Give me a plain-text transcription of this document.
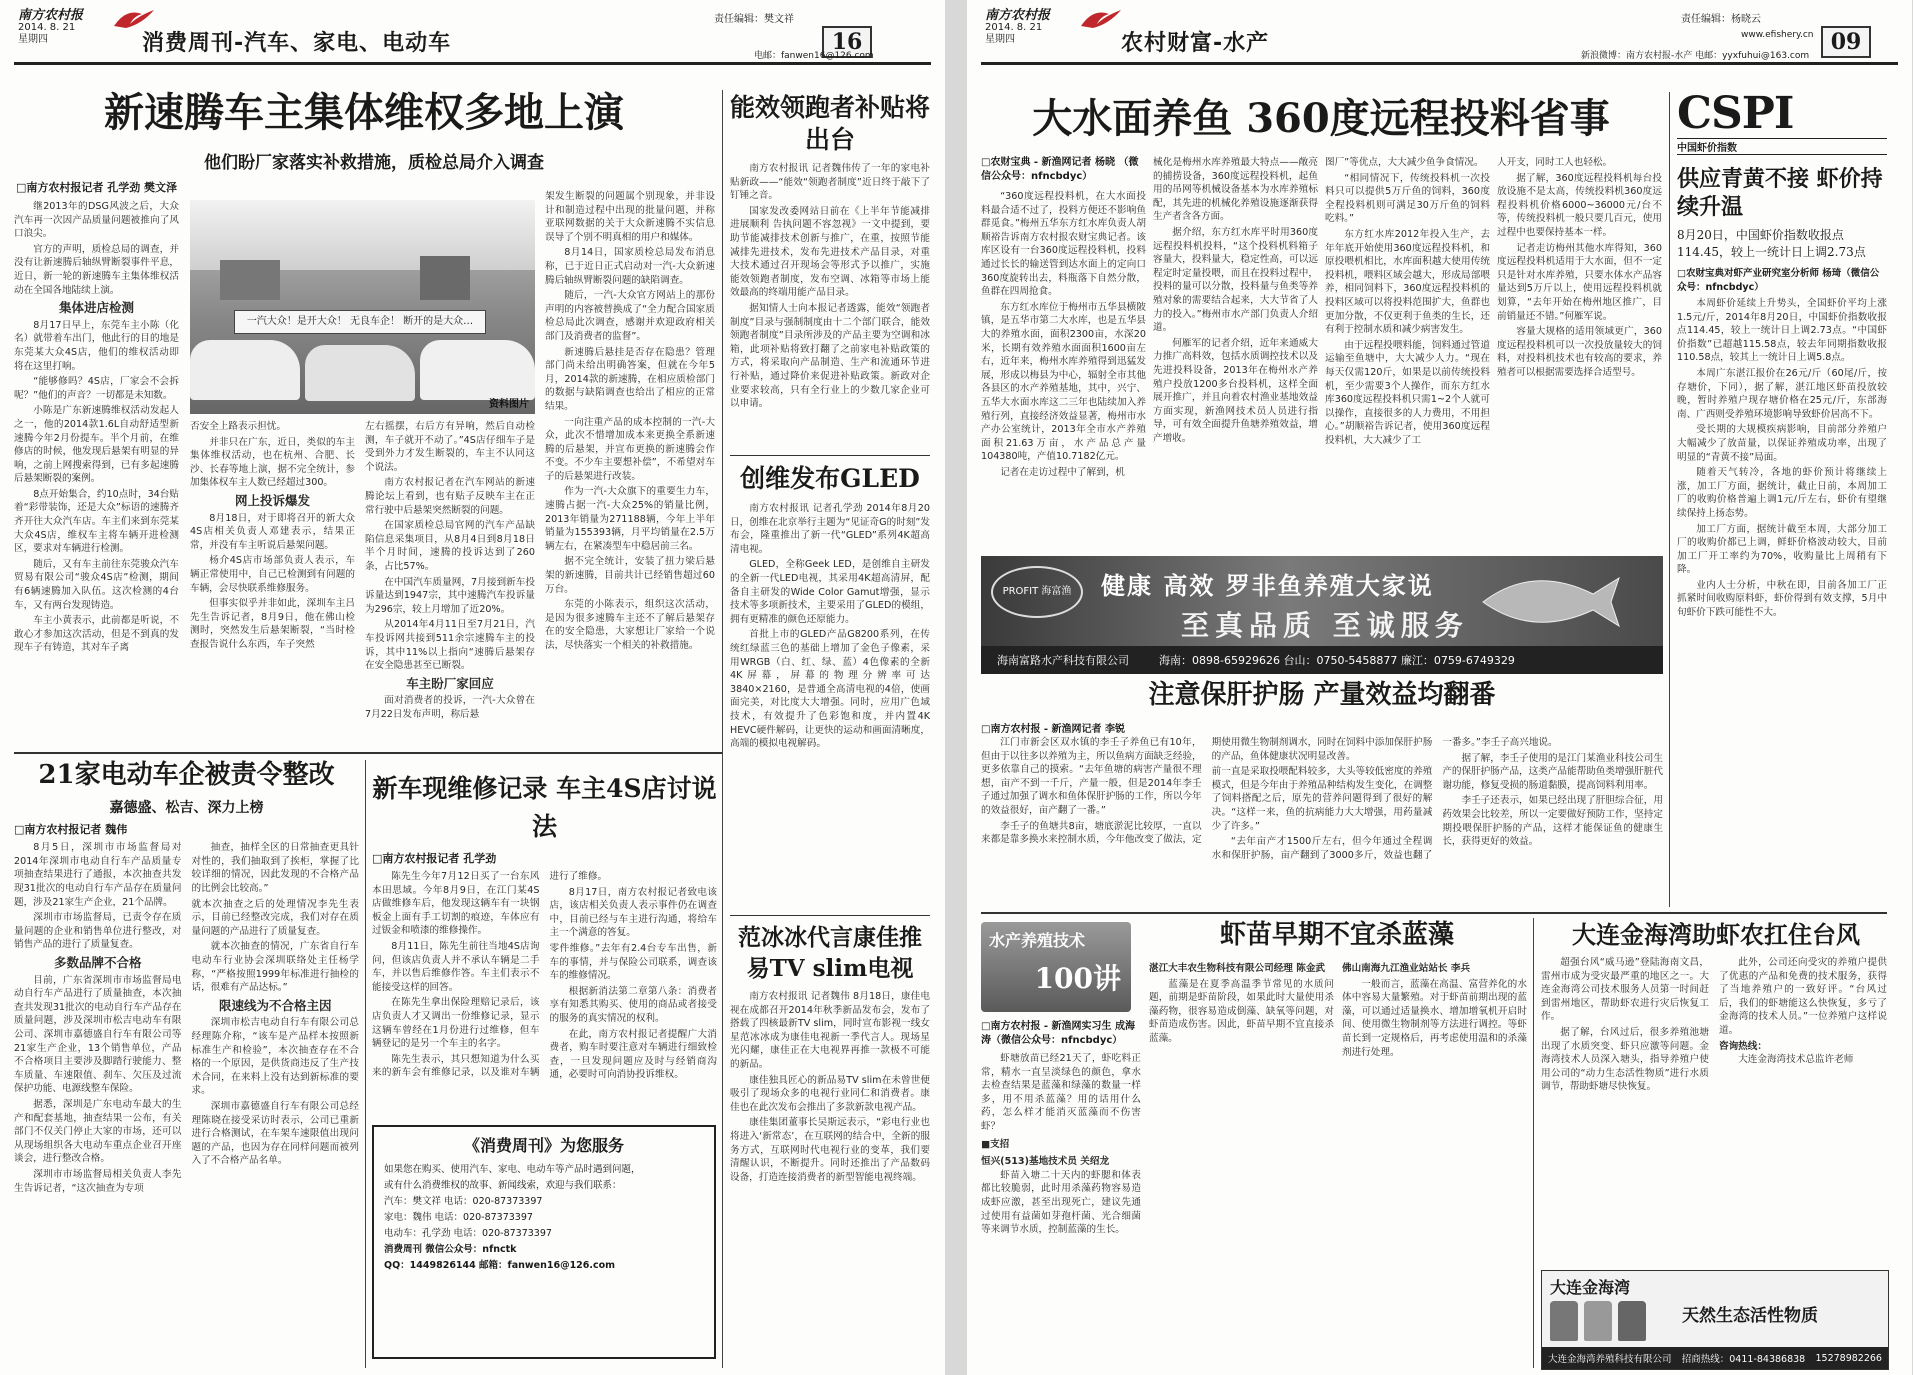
南方农村报
2014. 8. 21
星期四	消费周刊-汽车、家电、电动车
责任编辑：樊文祥
16
电邮：fanwen16@126.com
新速腾车主集体维权多地上演
他们盼厂家落实补救措施，质检总局介入调查
□南方农村报记者 孔学劲 樊文泽

继2013年的DSG风波之后，大众汽车再一次因产品质量问题被推向了风口浪尖。

官方的声明，质检总局的调查，并没有让新速腾后轴纵臂断裂事件平息，近日，新一轮的新速腾车主集体维权活动在全国各地陆续上演。

集体进店检测

8月17日早上，东莞车主小陈（化名）就带着车出门，他此行的目的地是东莞某大众4S店，他们的维权活动即将在这里打响。

“能够修吗？4S店，厂家会不会拆呢？”他们的声音？一切都是未知数。

小陈是广东新速腾维权活动发起人之一，他的2014款1.6L自动舒适型新速腾今年2月份提车。半个月前，在维修店的时候，他发现后悬架有明显的异响，之前上网搜索得到，已有多起速腾后悬架断裂的案例。

8点开始集合，约10点时，34台贴着“彩带装饰，还是大众”标语的速腾齐齐开往大众汽车店。车主们来到东莞某大众4S店，维权车主将车辆开进检测区，要求对车辆进行检测。

随后，又有车主前往东莞骏众汽车贸易有限公司“骏众4S店”检测，期间有6辆速腾加入队伍。这次检测的4台车，又有两台发现铸造。

车主小黄表示，此前都是听说，不敢心才参加这次活动，但是不到真的发现车子有铸造，其对车子离

一汽大众！是开大众！ 无良车企！ 断开的是大众…
资料图片

否安全上路表示担忧。

并非只在广东，近日，类似的车主集体维权活动，也在杭州、合肥、长沙、长春等地上演，据不完全统计，参加集体权车主人数已经超过300。

网上投诉爆发

8月18日，对于即将召开的新大众4S店相关负责人邓建表示，结果正常，并没有车主听说后悬架问题。

杨介4S店市场部负责人表示，车辆正常使用中，自己已检测到有问题的车辆，会尽快联系维修服务。

但事实似乎并非如此，深圳车主吕先生告诉记者，8月9日，他在佛山检测时，突然发生后悬架断裂，“当时检查报告说什么东西，车子突然

左右摇摆，右后方有异响，然后自动检测，车子就开不动了。”4S店仔细车子是受到外力才发生断裂的，车主不认同这个说法。

南方农村报记者在汽车网站的新速腾论坛上看到，也有贴子反映车主在正常行驶中后悬架突然断裂的问题。

在国家质检总局官网的汽车产品缺陷信息采集项目，从8月4日到8月18日半个月时间，速腾的投诉达到了260条，占比57%。

在中国汽车质量网，7月接到新车投诉量达到1947宗，其中速腾汽车投诉量为296宗，较上月增加了近20%。

从2014年4月11日至7月21日，汽车投诉网共接到511余宗速腾车主的投诉，其中11%以上指向“速腾后悬架存在安全隐患甚至已断裂。

车主盼厂家回应

面对消费者的投诉，一汽-大众曾在7月22日发布声明，称后悬

架发生断裂的问题属个别现象，并非设计和制造过程中出现的批量问题，并称亚联网数据的关于大众新速腾不实信息误导了个别不明真相的用户和媒体。

8月14日，国家质检总局发布消息称，已于近日正式启动对一汽-大众新速腾后轴纵臂断裂问题的缺陷调查。

随后，一汽-大众官方网站上的那份声明的内容被替换成了“全力配合国家质检总局此次调查，感谢并欢迎政府相关部门及消费者的监督”。

新速腾后悬挂是否存在隐患？管理部门尚未给出明确答案，但就在今年5月，2014款的新速腾，在相应质检部门的数据与缺陷调查也给出了相应的正常结果。

一向注重产品的成本控制的一汽-大众，此次不惜增加成本来更换全系新速腾的后悬架，并宣布更换的新速腾会作不变。不少车主要想补偿”，不希望对车子的后悬架进行改装。

作为一汽-大众旗下的重要生力车，速腾占据一汽-大众25%的销量比例，2013年销量为271188辆，今年上半年销量为155393辆，月平均销量在2.5万辆左右，在紧凑型车中稳居前三名。

据不完全统计，安装了扭力梁后悬架的新速腾，目前共计已经销售超过60万台。

东莞的小陈表示，组织这次活动，是因为很多速腾车主还不了解后悬架存在的安全隐患，大家想让厂家给一个说法，尽快落实一个相关的补救措施。

能效领跑者补贴将出台

南方农村报讯 记者魏伟传了一年的家电补贴新政——“能效“领跑者制度”近日终于敲下了钉锤之音。

国家发改委网站日前在《上半年节能减排进展顺利 告执问题不容忽视》一文中提到，要助节能减排技术创新与推广，在重，按照节能减排先进技术，发布先进技术产品目录，对重大技术通过召开现场会等形式予以推广，实施能效领跑者制度，发布空调、冰箱等市场上能效最高的终端用能产品目录。

据知情人士向本报记者透露，能效“领跑者制度”目录与强制制度由十二个部门联合，能效领跑者制度”目录所涉及的产品主要为空调和冰箱，此项补贴将致打翻了之前家电补贴政策的方式，将采取向产品制造、生产和流通环节进行补贴，通过降价来促进补贴政策。新政对企业要求较高，只有全行业上的少数几家企业可以申请。

创维发布GLED

南方农村报讯 记者孔学劲 2014年8月20日，创维在北京举行主题为“见证奇G的时刻”发布会，隆重推出了新一代“GLED”系列4K超高清电视。

GLED，全称Geek LED，是创维自主研发的全新一代LED电视，其采用4K超高清屏，配备自主研发的Wide Color Gamut增强，显示技术等多项新技术，主要采用了GLED的模组，拥有更精准的颜色还原能力。

首批上市的GLED产品G8200系列，在传统红绿蓝三色的基础上增加了金色子像素，采用WRGB（白、红、绿、蓝）4色像素的全新4K屏幕，屏幕的物理分辨率可达3840×2160，是普通全高清电视的4倍，使画面完美，对比度大大增强。同时，应用广色域技术，有效提升了色彩饱和度，并内置4K HEVC硬件解码，让更快的运动和画面清晰度，高端的模拟电视解码。

范冰冰代言康佳推易TV slim电视

南方农村报讯 记者魏伟 8月18日，康佳电视在成都召开2014年秋季新品发布会，发布了搭载了四核最新TV slim，同时宣布影视一线女星范冰冰成为康佳电视新一季代言人。现场星光闪耀，康佳正在大电视界再推一款极不可能的新品。

康佳独具匠心的新品易TV slim在未曾世便吸引了现场众多的电视行业同仁和消费者。康佳也在此次发布会推出了多款新款电视产品。

康佳集团董事长吴斯远表示，“彩电行业也将进入‘新常态’，在互联网的结合中，全新的服务方式，互联网时代电视行业的变革，我们要清醒认识，不断提升。同时还推出了产品数码设备，打造连接消费者的新型智能电视终端。

21家电动车企被责令整改
嘉德盛、松吉、深力上榜
□南方农村报记者 魏伟

8月5日，深圳市市场监督局对2014年深圳市电动自行车产品质量专项抽查结果进行了通报，本次抽查共发现31批次的电动自行车产品存在质量问题，涉及21家生产企业，21个品牌。

深圳市市场监督局，已责令存在质量问题的企业和销售单位进行整改，对销售产品的进行了质量复查。

多数品牌不合格

目前，广东省深圳市市场监督局电动自行车产品进行了质量抽查，本次抽查共发现31批次的电动自行车产品存在质量问题，涉及深圳市松吉电动车有限公司、深圳市嘉德盛自行车有限公司等21家生产企业，13个销售单位，产品不合格项目主要涉及脚踏行驶能力、整车质量、车速限值、刹车、欠压及过流保护功能、电源线整车保险。

据悉，深圳是广东电动车最大的生产和配套基地，抽查结果一公布，有关部门不仅关门停止大家的市场，还可以从现场组织各大电动车重点企业召开座谈会，进行整改合格。

深圳市市场监督局相关负责人李先生告诉记者，“这次抽查为专项

抽查，抽样全区的日常抽查更具针对性的，我们抽取到了挨柜，掌握了比较详细的情况，因此发现的不合格产品的比例会比较高。”

就本次抽查之后的处理情况李先生表示，目前已经整改完成，我们对存在质量问题的产品进行了质量复查。

就本次抽查的情况，广东省自行车电动车行业协会深圳联络处主任杨学称，“严格按照1999年标准进行抽检的话，很难有产品达标。”

限速线为不合格主因

深圳市松吉电动自行车有限公司总经理陈介称，“该车是产品样本按照新标准生产和检验”，本次抽查存在不合格的一个原因，是供货商违反了生产技术合同，在来料上没有达到新标准的要求。

深圳市嘉德盛自行车有限公司总经理陈晓在接受采访时表示，公司已重新进行合格测试，在车架车速限值出现问题的产品，也因为存在同样问题而被列入了不合格产品名单。

新车现维修记录 车主4S店讨说法
□南方农村报记者 孔学劲

陈先生今年7月12日买了一台东风本田思域。今年8月9日，在江门某4S店做维修车后，他发现这辆车有一块钢板金上面有手工切割的痕迹，车体应有过钣金和喷漆的维修操作。

8月11日，陈先生前往当地4S店询问，但该店负责人并不承认车辆是二手车，并以售后维修作答。车主们表示不能接受这样的回答。

在陈先生拿出保险理赔记录后，该店负责人才又调出一份维修记录，显示这辆车曾经在1月份进行过维修，但车辆登记的是另一个车主的名字。

陈先生表示，其只想知道为什么买来的新车会有维修记录，以及谁对车辆进行了维修。

8月17日，南方农村报记者致电该店，该店相关负责人表示事件仍在调查中，目前已经与车主进行沟通，将给车主一个满意的答复。

零件维修。”去年有2.4台专车出售，新车的事情，并与保险公司联系，调查该车的维修情况。

根据新消法第二章第八条：消费者享有知悉其购买、使用的商品或者接受的服务的真实情况的权利。

在此，南方农村报记者提醒广大消费者，购车时要注意对车辆进行细致检查，一旦发现问题应及时与经销商沟通，必要时可向消协投诉维权。

《消费周刊》为您服务
如果您在购买、使用汽车、家电、电动车等产品时遇到问题，
或有什么消费维权的故事、新闻线索，欢迎与我们联系：
汽车：樊文祥 电话：020-87373397
家电：魏伟 电话：020-87373397
电动车：孔学劲 电话：020-87373397
消费周刊 微信公众号：nfnctk
QQ：1449826144 邮箱：fanwen16@126.com
南方农村报
2014. 8. 21
星期四	农村财富-水产
责任编辑：杨晓云
09
www.efishery.cn
新浪微博：南方农村报-水产 电邮：yyxfuhui@163.com
大水面养鱼 360度远程投料省事
□农财宝典 - 新渔网记者 杨晓 （微信公众号：nfncbdyc）

“360度远程投料机，在大水面投料最合适不过了，投料方便还不影响鱼群觅食。”梅州五华东方红水库负责人胡顺裕告诉南方农村报农财宝典记者。该库区设有一台360度远程投料机，投料通过长长的输送管到达水面上的定向口360度旋转出去，料瓶落下自然分散，鱼群在四周抢食。

东方红水库位于梅州市五华县横陂镇，是五华市第二大水库，也是五华县大的养殖水面，面积2300亩，水深20米，长期有效养殖水面面积1600亩左右，近年来，梅州水库养殖得到迅猛发展，形成以梅县为中心，辐射全市其他各县区的水产养殖基地，其中，兴宁、五华大水面水库这二三年也陆续加入养殖行列，直接经济效益显著，梅州市水产办公室统计，2013年全市水产养殖面积21.63万亩，水产品总产量104380吨，产值10.7182亿元。

记者在走访过程中了解到，机

械化是梅州水库养殖最大特点——敞亮的捕捞设备，360度远程投料机，起鱼用的吊网等机械设备基本为水库养殖标配，其先进的机械化养殖设施逐渐获得生产者含各方面。

据介绍，东方红水库平时用360度远程投料机投料，“这个投料机料箱子容量大，投料量大，稳定性高，可以远程定时定量投喂，而且在投料过程中，投料的量可以分散，投料量与鱼类等养殖对象的需要结合起来，大大节省了人力的投入。”梅州市水产部门负责人介绍道。

何雁军的记者介绍，近年来通威大力推广高料效，包括水质调控技术以及先进投料设备，2013年在梅州水产养殖户投放1200多台投料机，这样全面展开推广，并且向着农村渔业基地效益方面实现，新渔网技术员人员进行指导，可有效全面提升鱼塘养殖效益，增产增收。

图厂”等优点，大大减少鱼争食情况。

“相同情况下，传统投料机一次投料只可以提供5万斤鱼的饲料，360度全程投料机则可满足30万斤鱼的饲料吃料。”

东方红水库2012年投入生产，去年年底开始使用360度远程投料机，和原投喂机相比，水库面积越大使用传统投料机，喂料区域会越大，形成局部喂养，相同饲料下，360度远程投料机的投料区域可以将投料范围扩大，鱼群也更加分散，不仅更利于鱼类的生长，还有利于控制水质和减少病害发生。

由于远程投喂料能，饲料通过管道运输至鱼塘中，大大减少人力。“现在每天仅需120斤，如果是以前传统投料机，至少需要3个人操作，而东方红水库360度远程投料机只需1~2个人就可以操作，直接很多的人力费用，不用担心。”胡顺裕告诉记者，使用360度远程投料机，大大减少了工

人开支，同时工人也轻松。

据了解，360度远程投料机每台投放设施不是太高，传统投料机360度远程投料机价格6000~36000元/台不等，传统投料机一般只要几百元，使用过程中也要保持基本一样。

记者走访梅州其他水库得知，360度远程投料机适用于大水面，但不一定只是针对水库养殖，只要水体水产品容量达到5万斤以上，使用远程投料机就划算，“去年开始在梅州地区推广，目前销量还不错。”何雁军说。

容量大规格的适用领域更广，360度远程投料机可以一次投放量较大的饲料，对投料机技术也有较高的要求，养殖者可以根据需要选择合适型号。

CSPI
中国虾价指数
供应青黄不接 虾价持续升温
8月20日，中国虾价指数收报点114.45，较上一统计日上调2.73点
□农财宝典对虾产业研究室分析师 杨琦（微信公众号：nfncbdyc）

本周虾价延续上升势头，全国虾价平均上涨1.5元/斤，2014年8月20日，中国虾价指数收报点114.45，较上一统计日上调2.73点。“中国虾价指数”已超越115.58点，较去年同期指数收报110.58点，较其上一统计日上调5.8点。

本周广东湛江报价在26元/斤（60尾/斤，按存塘价，下同），据了解，湛江地区虾苗投放较晚，暂时养殖户现存塘价格在25元/斤，东部海南、广西则受养殖环境影响导致虾价居高不下。

受长期的大规模疾病影响，目前部分养殖户大幅减少了放苗量，以保证养殖成功率，出现了明显的“青黄不接”局面。

随着天气转冷，各地的虾价预计将继续上涨，加工厂方面，据统计，截止日前，本周加工厂的收购价格普遍上调1元/斤左右，虾价有望继续保持上扬态势。

加工厂方面，据统计截至本周，大部分加工厂的收购价都已上调，鲜虾价格波动较大，目前加工厂开工率约为70%，收购量比上周稍有下降。

业内人士分析，中秋在即，目前各加工厂正抓紧时间收购原料虾，虾价得到有效支撑，5月中旬虾价下跌可能性不大。

PROFIT 海富渔	健康 高效 罗非鱼养殖大家说
至真品质 至诚服务
海南富路水产科技有限公司	海南：0898-65929626 台山：0750-5458877 廉江：0759-6749329
注意保肝护肠 产量效益均翻番
□南方农村报 - 新渔网记者 李锐

江门市新会区双水镇的李壬子养鱼已有10年，但由于以往多以养殖为主，所以鱼病方面缺乏经验，更多依靠自己的摸索。“去年鱼塘的病害产量很不理想，亩产不到一千斤，产量一般，但是2014年李壬子通过加强了调水和鱼体保肝护肠的工作，所以今年的效益很好，亩产翻了一番。”

李壬子的鱼塘共8亩，塘底淤泥比较厚，一直以来都是靠多换水来控制水质，今年他改变了做法，定期使用微生物制剂调水，同时在饲料中添加保肝护肠的产品，鱼体健康状况明显改善。

前一直是采取投喂配料较多，大头等较低密度的养殖模式，但是今年由于养殖品种结构发生变化，在调整了饲料搭配之后，原先的营养问题得到了很好的解决。“这样一来，鱼的抗病能力大大增强，用药量减少了许多。”

“去年亩产才1500斤左右，但今年通过全程调水和保肝护肠，亩产翻到了3000多斤，效益也翻了一番多。”李壬子高兴地说。

据了解，李壬子使用的是江门某渔业科技公司生产的保肝护肠产品，这类产品能帮助鱼类增强肝脏代谢功能，修复受损的肠道黏膜，提高饲料利用率。

李壬子还表示，如果已经出现了肝胆综合征，用药效果会比较差，所以一定要做好预防工作，坚持定期投喂保肝护肠的产品，这样才能保证鱼的健康生长，获得更好的效益。

水产养殖技术
100讲
虾苗早期不宜杀蓝藻
□南方农村报 - 新渔网实习生 成海涛（微信公众号：nfncbdyc）

虾塘放苗已经21天了，虾吃料正常，精水一直呈淡绿色的颜色，拿水去检查结果是蓝藻和绿藻的数量一样多，用不用杀蓝藻？用的话用什么药，怎么样才能消灭蓝藻而不伤害虾？

■支招

恒兴(513)基地技术员 关绍龙

虾苗入塘二十天内的虾腮和体表都比较脆弱，此时用杀藻药物容易造成虾应激，甚至出现死亡，建议先通过使用有益菌如芽孢杆菌、光合细菌等来调节水质，控制蓝藻的生长。

湛江大丰农生物科技有限公司经理 陈金武

蓝藻是在夏季高温季节常见的水质问题，前期是虾苗阶段，如果此时大量使用杀藻药物，很容易造成倒藻、缺氧等问题，对虾苗造成伤害。因此，虾苗早期不宜直接杀蓝藻。

佛山南海九江渔业站站长 李兵

一般而言，蓝藻在高温、富营养化的水体中容易大量繁殖。对于虾苗前期出现的蓝藻，可以通过适量换水、增加增氧机开启时间、使用微生物制剂等方法进行调控。等虾苗长到一定规格后，再考虑使用温和的杀藻剂进行处理。

大连金海湾助虾农扛住台风

超强台风“威马逊”登陆海南文昌，雷州市成为受灾最严重的地区之一。大连金海湾公司技术服务人员第一时间赶到雷州地区，帮助虾农进行灾后恢复工作。

据了解，台风过后，很多养殖池塘出现了水质突变、虾只应激等问题。金海湾技术人员深入塘头，指导养殖户使用公司的“动力生态活性物质”进行水质调节，帮助虾塘尽快恢复。

此外，公司还向受灾的养殖户提供了优惠的产品和免费的技术服务，获得了当地养殖户的一致好评。“台风过后，我们的虾塘能这么快恢复，多亏了金海湾的技术人员。”一位养殖户这样说道。

咨询热线：

大连金海湾技术总监许老师

大连金海湾
天然生态活性物质
大连金海湾养殖科技有限公司 招商热线：0411-84386838 15278982266
